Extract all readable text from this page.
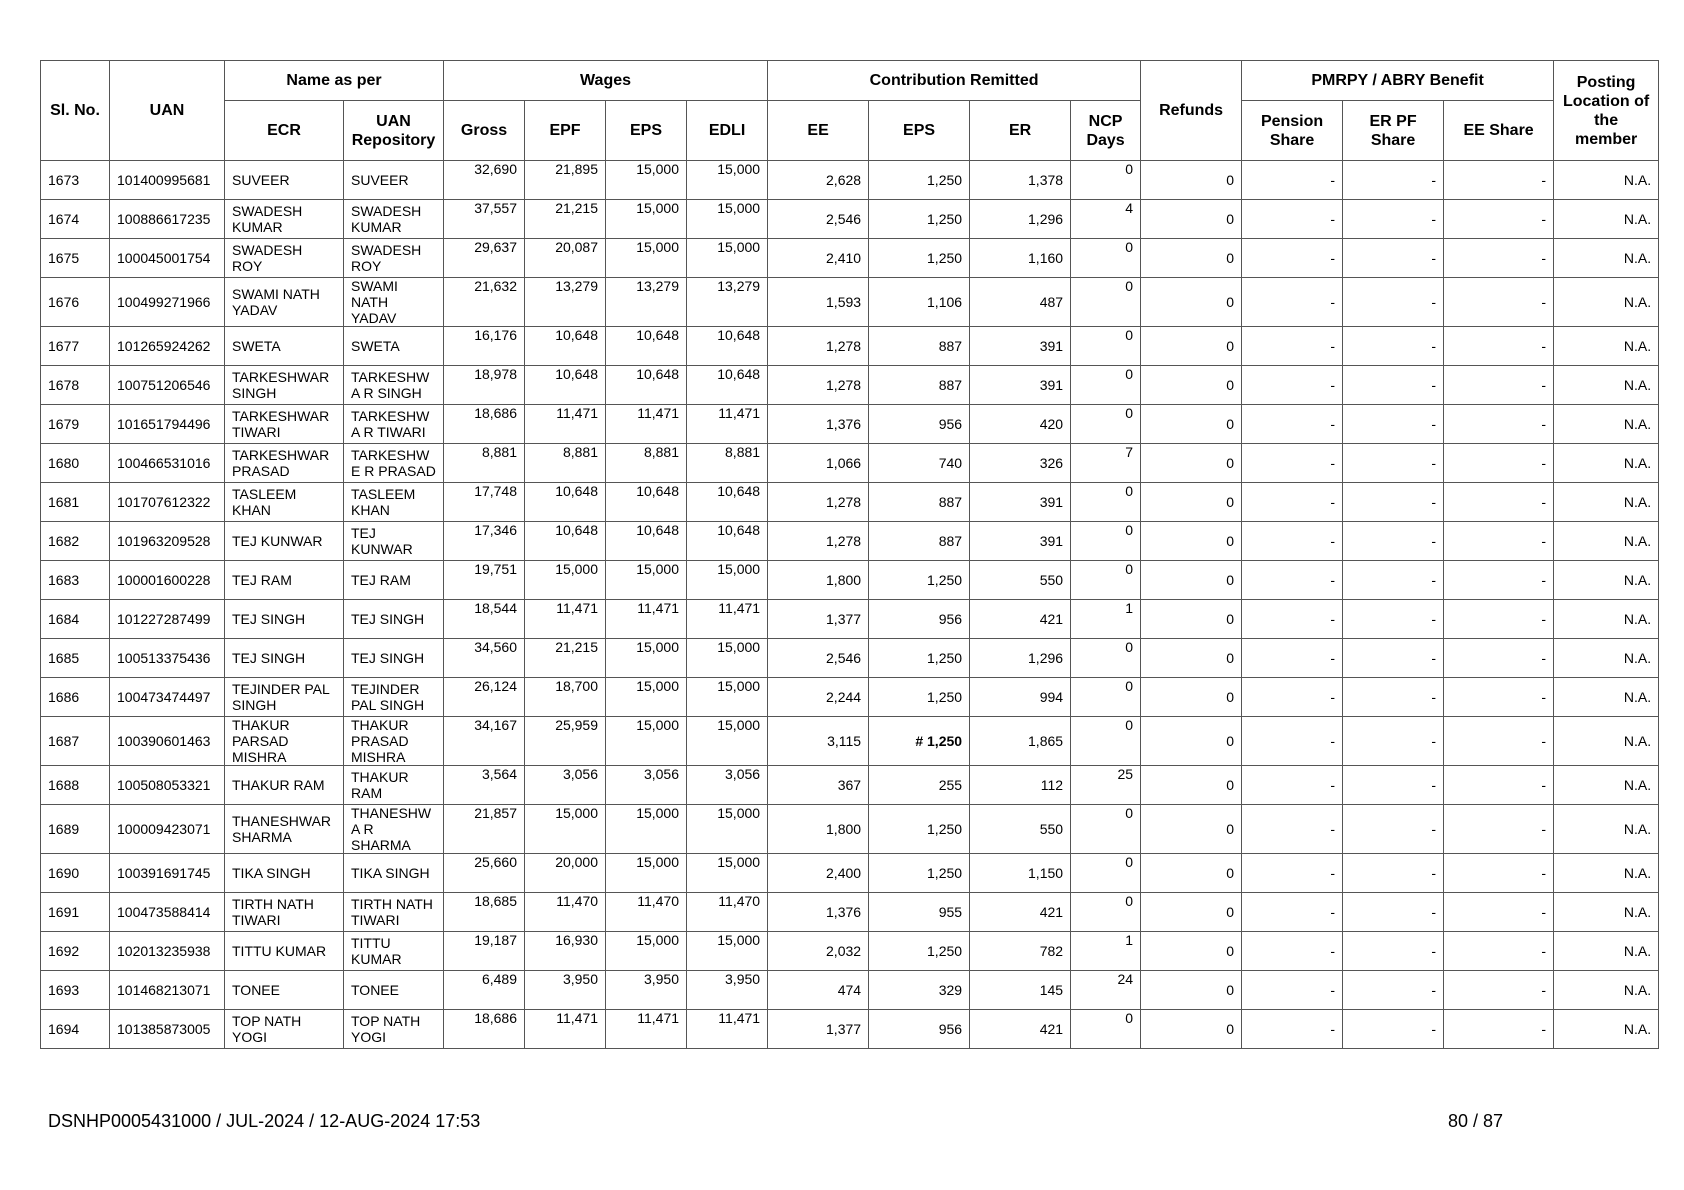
Sl. No.	UAN	Name as per		Wages				Contribution Remitted				Refunds	PMRPY / ABRY Benefit			Posting Location of the member
		ECR	UAN Repository	Gross	EPF	EPS	EDLI	EE	EPS	ER	NCP Days		Pension Share	ER PF Share	EE Share	
1673	101400995681	SUVEER	SUVEER	32,690	21,895	15,000	15,000	2,628	1,250	1,378	0	0	-	-	-	N.A.
1674	100886617235	SWADESH KUMAR	SWADESH KUMAR	37,557	21,215	15,000	15,000	2,546	1,250	1,296	4	0	-	-	-	N.A.
1675	100045001754	SWADESH ROY	SWADESH ROY	29,637	20,087	15,000	15,000	2,410	1,250	1,160	0	0	-	-	-	N.A.
1676	100499271966	SWAMI NATH YADAV	SWAMI NATH YADAV	21,632	13,279	13,279	13,279	1,593	1,106	487	0	0	-	-	-	N.A.
1677	101265924262	SWETA	SWETA	16,176	10,648	10,648	10,648	1,278	887	391	0	0	-	-	-	N.A.
1678	100751206546	TARKESHWAR SINGH	TARKESHWA R SINGH	18,978	10,648	10,648	10,648	1,278	887	391	0	0	-	-	-	N.A.
1679	101651794496	TARKESHWAR TIWARI	TARKESHWA R TIWARI	18,686	11,471	11,471	11,471	1,376	956	420	0	0	-	-	-	N.A.
1680	100466531016	TARKESHWAR PRASAD	TARKESHWE R PRASAD	8,881	8,881	8,881	8,881	1,066	740	326	7	0	-	-	-	N.A.
1681	101707612322	TASLEEM KHAN	TASLEEM KHAN	17,748	10,648	10,648	10,648	1,278	887	391	0	0	-	-	-	N.A.
1682	101963209528	TEJ KUNWAR	TEJ KUNWAR	17,346	10,648	10,648	10,648	1,278	887	391	0	0	-	-	-	N.A.
1683	100001600228	TEJ RAM	TEJ RAM	19,751	15,000	15,000	15,000	1,800	1,250	550	0	0	-	-	-	N.A.
1684	101227287499	TEJ SINGH	TEJ SINGH	18,544	11,471	11,471	11,471	1,377	956	421	1	0	-	-	-	N.A.
1685	100513375436	TEJ SINGH	TEJ SINGH	34,560	21,215	15,000	15,000	2,546	1,250	1,296	0	0	-	-	-	N.A.
1686	100473474497	TEJINDER PAL SINGH	TEJINDER PAL SINGH	26,124	18,700	15,000	15,000	2,244	1,250	994	0	0	-	-	-	N.A.
1687	100390601463	THAKUR PARSAD MISHRA	THAKUR PRASAD MISHRA	34,167	25,959	15,000	15,000	3,115	# 1,250	1,865	0	0	-	-	-	N.A.
1688	100508053321	THAKUR RAM	THAKUR RAM	3,564	3,056	3,056	3,056	367	255	112	25	0	-	-	-	N.A.
1689	100009423071	THANESHWAR SHARMA	THANESHWA R SHARMA	21,857	15,000	15,000	15,000	1,800	1,250	550	0	0	-	-	-	N.A.
1690	100391691745	TIKA SINGH	TIKA SINGH	25,660	20,000	15,000	15,000	2,400	1,250	1,150	0	0	-	-	-	N.A.
1691	100473588414	TIRTH NATH TIWARI	TIRTH NATH TIWARI	18,685	11,470	11,470	11,470	1,376	955	421	0	0	-	-	-	N.A.
1692	102013235938	TITTU KUMAR	TITTU KUMAR	19,187	16,930	15,000	15,000	2,032	1,250	782	1	0	-	-	-	N.A.
1693	101468213071	TONEE	TONEE	6,489	3,950	3,950	3,950	474	329	145	24	0	-	-	-	N.A.
1694	101385873005	TOP NATH YOGI	TOP NATH YOGI	18,686	11,471	11,471	11,471	1,377	956	421	0	0	-	-	-	N.A.
DSNHP0005431000 / JUL-2024 / 12-AUG-2024 17:53	80 / 87
